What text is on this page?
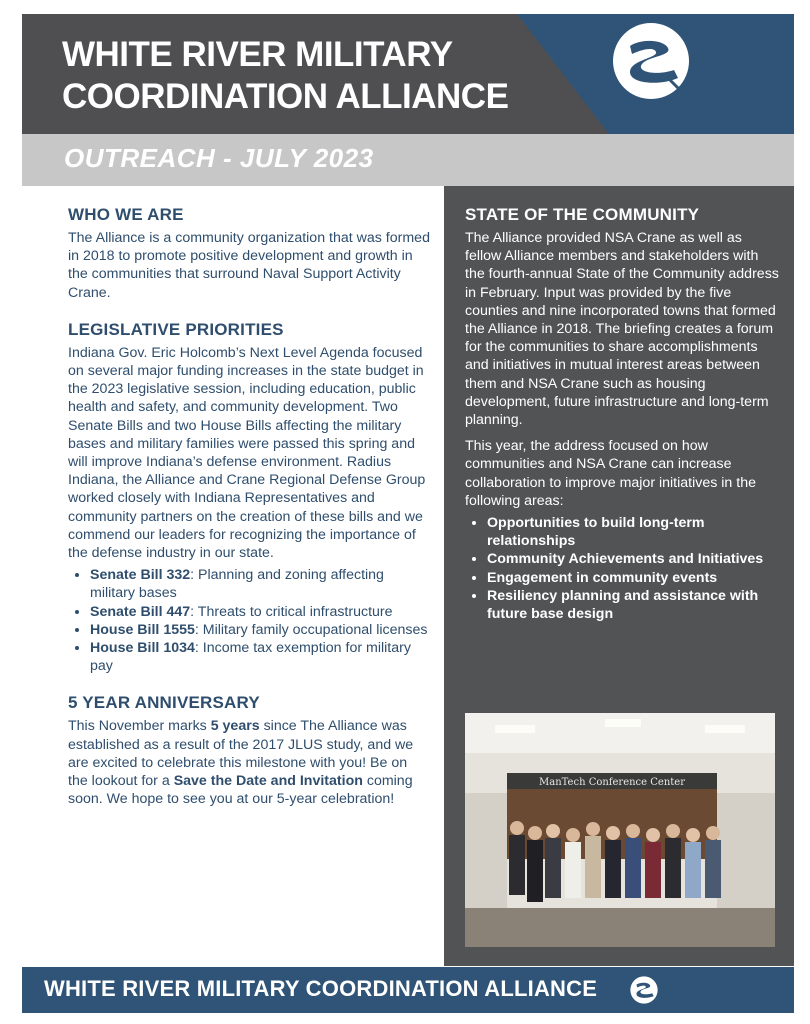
WHITE RIVER MILITARY
COORDINATION ALLIANCE
OUTREACH - JULY 2023
WHO WE ARE

The Alliance is a community organization that was formed in 2018 to promote positive development and growth in the communities that surround Naval Support Activity Crane.

LEGISLATIVE PRIORITIES

Indiana Gov. Eric Holcomb’s Next Level Agenda focused on several major funding increases in the state budget in the 2023 legislative session, including education, public health and safety, and community development. Two Senate Bills and two House Bills affecting the military bases and military families were passed this spring and will improve Indiana’s defense environment. Radius Indiana, the Alliance and Crane Regional Defense Group worked closely with Indiana Representatives and community partners on the creation of these bills and we commend our leaders for recognizing the importance of the defense industry in our state.

• Senate Bill 332: Planning and zoning affecting military bases
• Senate Bill 447: Threats to critical infrastructure
• House Bill 1555: Military family occupational licenses
• House Bill 1034: Income tax exemption for military pay
5 YEAR ANNIVERSARY

This November marks 5 years since The Alliance was established as a result of the 2017 JLUS study, and we are excited to celebrate this milestone with you! Be on the lookout for a Save the Date and Invitation coming soon. We hope to see you at our 5-year celebration!

STATE OF THE COMMUNITY

The Alliance provided NSA Crane as well as fellow Alliance members and stakeholders with the fourth-annual State of the Community address in February. Input was provided by the five counties and nine incorporated towns that formed the Alliance in 2018. The briefing creates a forum for the communities to share accomplishments and initiatives in mutual interest areas between them and NSA Crane such as housing development, future infrastructure and long-term planning.

This year, the address focused on how communities and NSA Crane can increase collaboration to improve major initiatives in the following areas:

• Opportunities to build long-term relationships
• Community Achievements and Initiatives
• Engagement in community events
• Resiliency planning and assistance with future base design
ManTech Conference Center
WHITE RIVER MILITARY COORDINATION ALLIANCE
